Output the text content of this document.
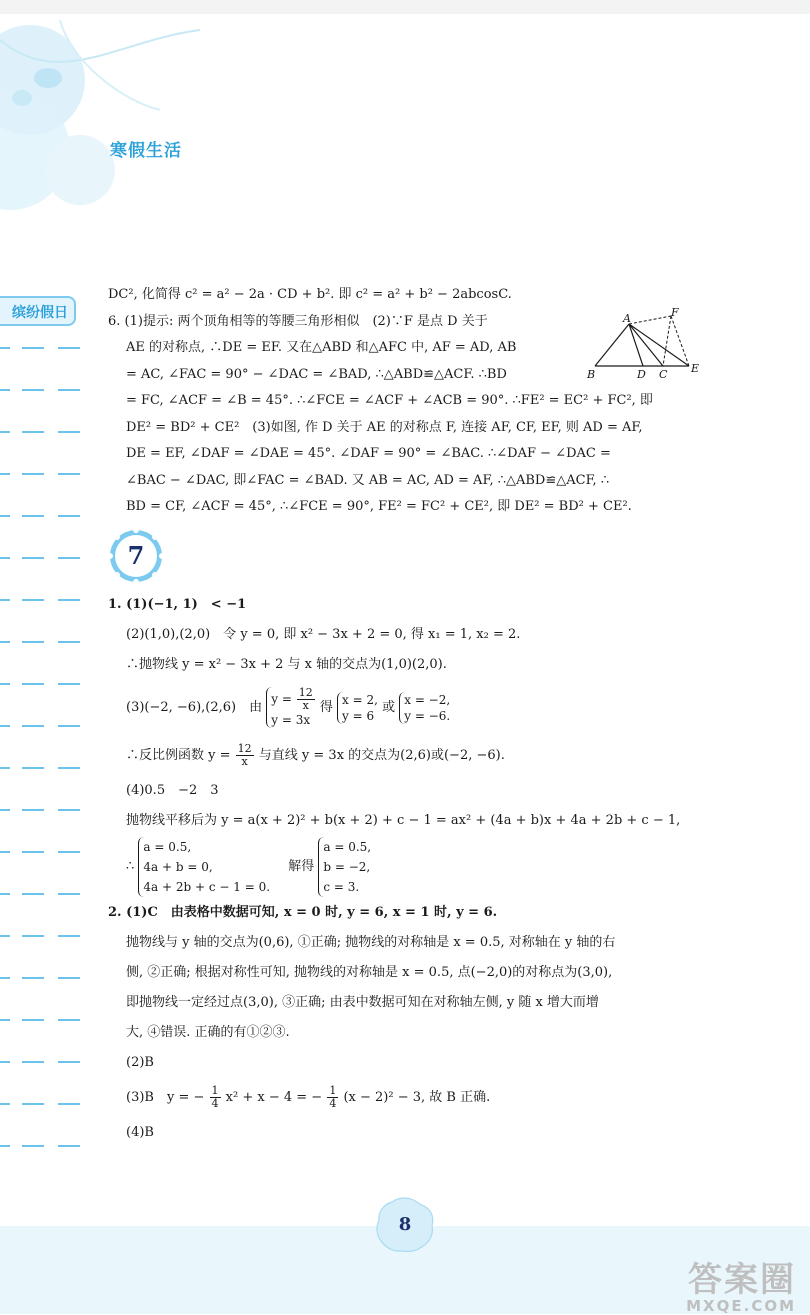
寒假生活
缤纷假日

DC², 化简得 c² = a² − 2a · CD + b². 即 c² = a² + b² − 2abcosC.

6. (1)提示: 两个顶角相等的等腰三角形相似　(2)∵F 是点 D 关于

AE 的对称点, ∴DE = EF. 又在△ABD 和△AFC 中, AF = AD, AB

= AC, ∠FAC = 90° − ∠DAC = ∠BAD, ∴△ABD≌△ACF. ∴BD

= FC, ∠ACF = ∠B = 45°. ∴∠FCE = ∠ACF + ∠ACB = 90°. ∴FE² = EC² + FC², 即

DE² = BD² + CE²　(3)如图, 作 D 关于 AE 的对称点 F, 连接 AF, CF, EF, 则 AD = AF,

DE = EF, ∠DAF = ∠DAE = 45°. ∠DAF = 90° = ∠BAC. ∴∠DAF − ∠DAC =

∠BAC − ∠DAC, 即∠FAC = ∠BAD. 又 AB = AC, AD = AF, ∴△ABD≌△ACF, ∴

BD = CF, ∠ACF = 45°, ∴∠FCE = 90°, FE² = FC² + CE², 即 DE² = BD² + CE².

A
B	D C E
F
7

1. (1)(−1, 1)　< −1

(2)(1,0),(2,0)　令 y = 0, 即 x² − 3x + 2 = 0, 得 x₁ = 1, x₂ = 2.

∴抛物线 y = x² − 3x + 2 与 x 轴的交点为(1,0)(2,0).

(3)(−2, −6),(2,6)　由
$y = \frac{12}{x}$
y = 3x
得
x = 2,
y = 6
或
x = −2,
y = −6.

∴反比例函数 $y = \frac{12}{x}$ 与直线 y = 3x 的交点为(2,6)或(−2, −6).

(4)0.5　−2　3

抛物线平移后为 y = a(x + 2)² + b(x + 2) + c − 1 = ax² + (4a + b)x + 4a + 2b + c − 1,

∴
a = 0.5,
4a + b = 0,
4a + 2b + c − 1 = 0.
解得
a = 0.5,
b = −2,
c = 3.

2. (1)C　由表格中数据可知, x = 0 时, y = 6, x = 1 时, y = 6.

抛物线与 y 轴的交点为(0,6), ①正确; 抛物线的对称轴是 x = 0.5, 对称轴在 y 轴的右

侧, ②正确; 根据对称性可知, 抛物线的对称轴是 x = 0.5, 点(−2,0)的对称点为(3,0),

即抛物线一定经过点(3,0), ③正确; 由表中数据可知在对称轴左侧, y 随 x 增大而增

大, ④错误. 正确的有①②③.

(2)B

(3)B　y = − $\frac{1}{4} x^2 + x - 4$ = − $\frac{1}{4} (x - 2)^2 - 3$, 故 B 正确.

(4)B

8
答案圈
MXQE.COM
